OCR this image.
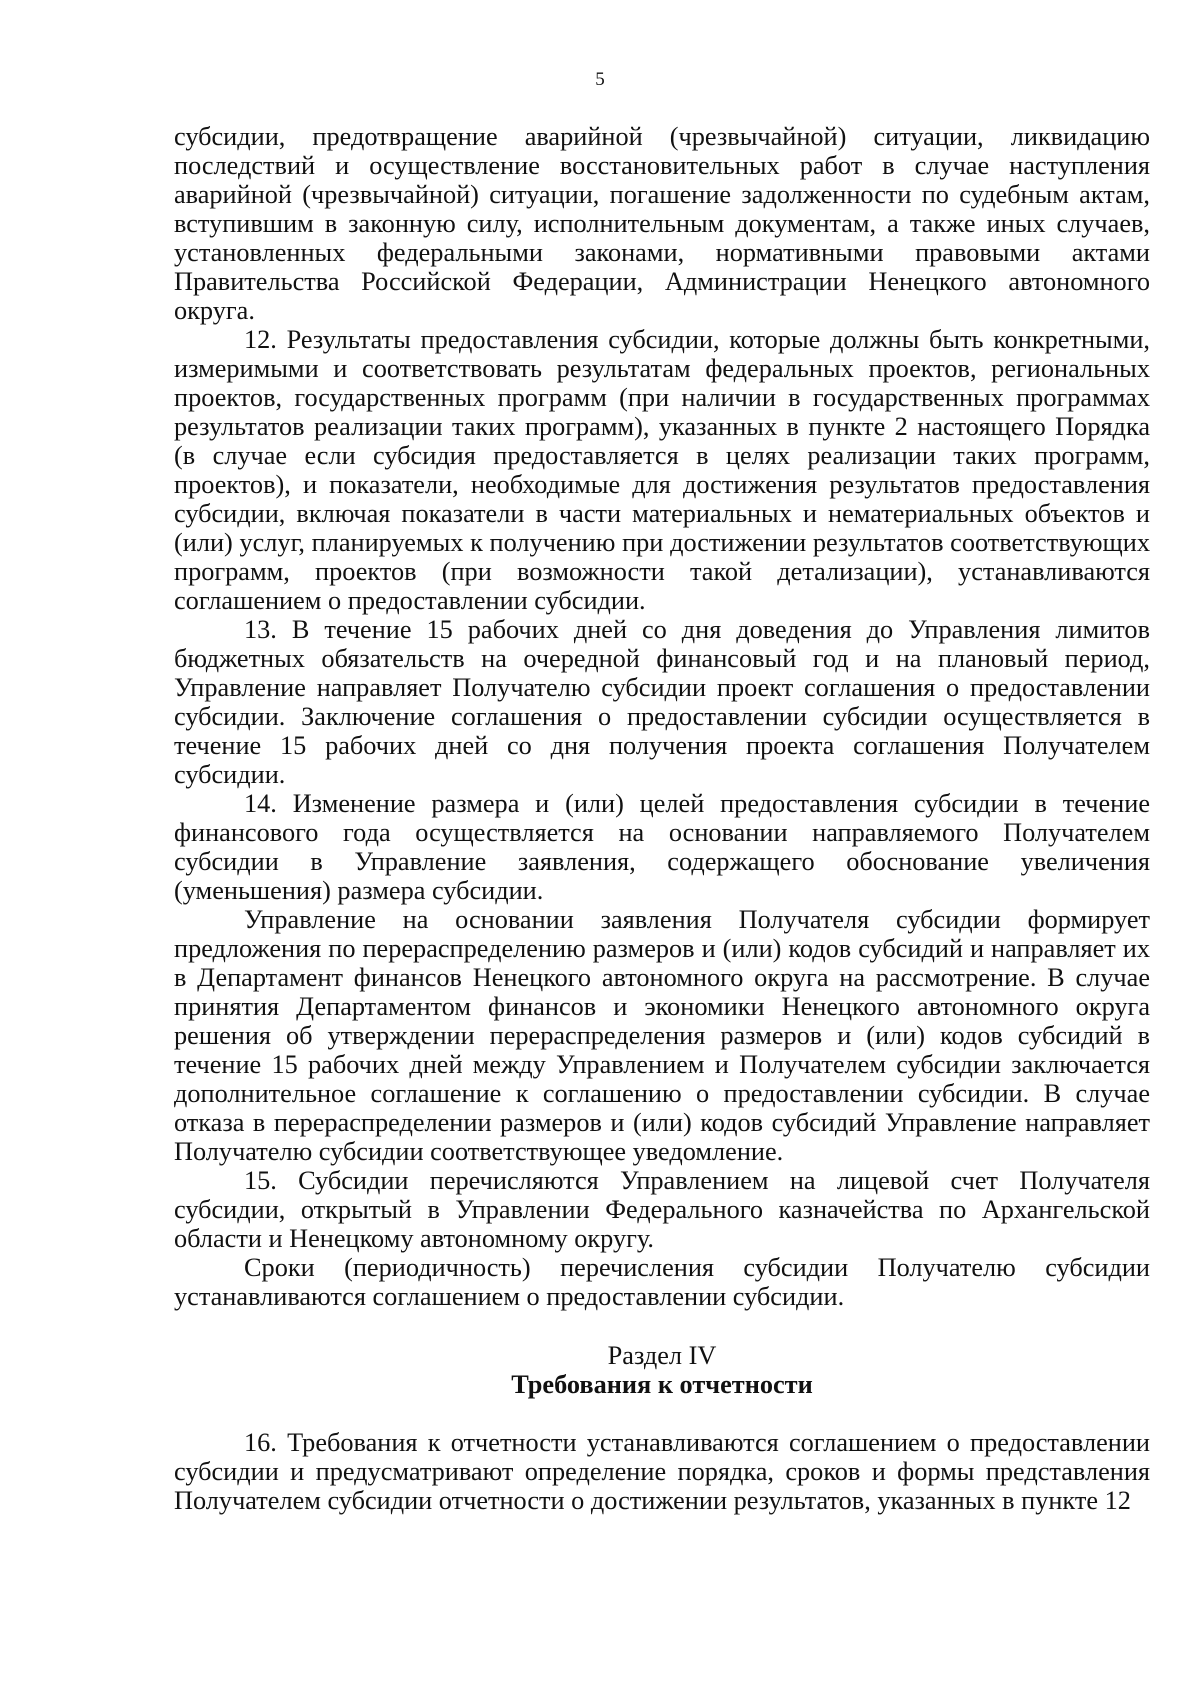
5

субсидии, предотвращение аварийной (чрезвычайной) ситуации, ликвидацию последствий и осуществление восстановительных работ в случае наступления аварийной (чрезвычайной) ситуации, погашение задолженности по судебным актам, вступившим в законную силу, исполнительным документам, а также иных случаев, установленных федеральными законами, нормативными правовыми актами Правительства Российской Федерации, Администрации Ненецкого автономного округа.

12. Результаты предоставления субсидии, которые должны быть конкретными, измеримыми и соответствовать результатам федеральных проектов, региональных проектов, государственных программ (при наличии в государственных программах результатов реализации таких программ), указанных в пункте 2 настоящего Порядка (в случае если субсидия предоставляется в целях реализации таких программ, проектов), и показатели, необходимые для достижения результатов предоставления субсидии, включая показатели в части материальных и нематериальных объектов и (или) услуг, планируемых к получению при достижении результатов соответствующих программ, проектов (при возможности такой детализации), устанавливаются соглашением о предоставлении субсидии.

13. В течение 15 рабочих дней со дня доведения до Управления лимитов бюджетных обязательств на очередной финансовый год и на плановый период, Управление направляет Получателю субсидии проект соглашения о предоставлении субсидии. Заключение соглашения о предоставлении субсидии осуществляется в течение 15 рабочих дней со дня получения проекта соглашения Получателем субсидии.

14. Изменение размера и (или) целей предоставления субсидии в течение финансового года осуществляется на основании направляемого Получателем субсидии в Управление заявления, содержащего обоснование увеличения (уменьшения) размера субсидии.

Управление на основании заявления Получателя субсидии формирует предложения по перераспределению размеров и (или) кодов субсидий и направляет их в Департамент финансов Ненецкого автономного округа на рассмотрение. В случае принятия Департаментом финансов и экономики Ненецкого автономного округа решения об утверждении перераспределения размеров и (или) кодов субсидий в течение 15 рабочих дней между Управлением и Получателем субсидии заключается дополнительное соглашение к соглашению о предоставлении субсидии. В случае отказа в перераспределении размеров и (или) кодов субсидий Управление направляет Получателю субсидии соответствующее уведомление.

15. Субсидии перечисляются Управлением на лицевой счет Получателя субсидии, открытый в Управлении Федерального казначейства по Архангельской области и Ненецкому автономному округу.

Сроки (периодичность) перечисления субсидии Получателю субсидии устанавливаются соглашением о предоставлении субсидии.

Раздел IV
Требования к отчетности

16. Требования к отчетности устанавливаются соглашением о предоставлении субсидии и предусматривают определение порядка, сроков и формы представления Получателем субсидии отчетности о достижении результатов, указанных в пункте 12
